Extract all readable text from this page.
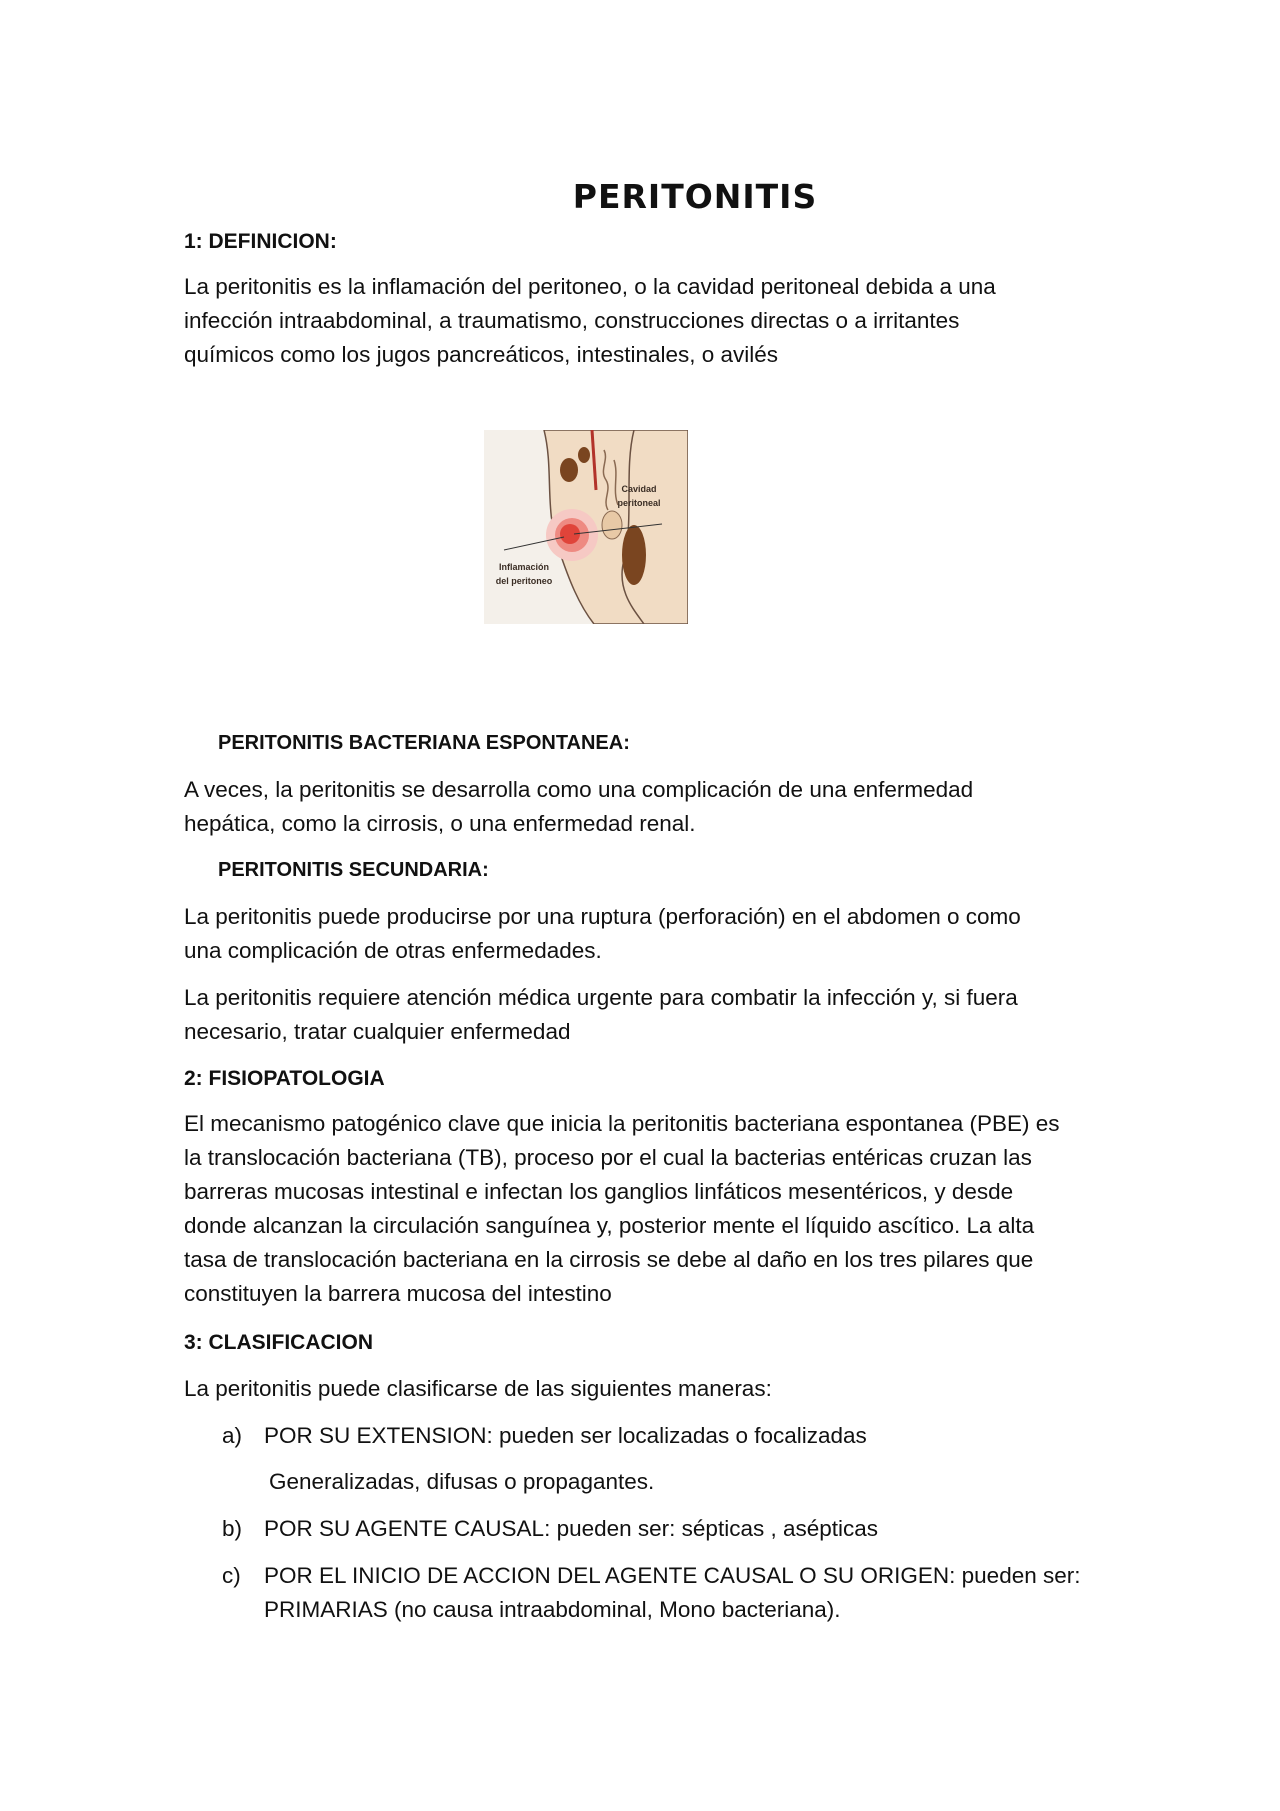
PERITONITIS
1: DEFINICION:
La peritonitis es la inflamación del peritoneo, o la cavidad peritoneal debida a una
infección intraabdominal, a traumatismo, construcciones directas o a irritantes
químicos como los jugos pancreáticos, intestinales, o avilés
Cavidad
peritoneal
Inflamación
del peritoneo
PERITONITIS BACTERIANA ESPONTANEA:
A veces, la peritonitis se desarrolla como una complicación de una enfermedad
hepática, como la cirrosis, o una enfermedad renal.
PERITONITIS SECUNDARIA:
La peritonitis puede producirse por una ruptura (perforación) en el abdomen o como
una complicación de otras enfermedades.
La peritonitis requiere atención médica urgente para combatir la infección y, si fuera
necesario, tratar cualquier enfermedad
2: FISIOPATOLOGIA
El mecanismo patogénico clave que inicia la peritonitis bacteriana espontanea (PBE) es
la translocación bacteriana (TB), proceso por el cual la bacterias entéricas cruzan las
barreras mucosas intestinal e infectan los ganglios linfáticos mesentéricos, y desde
donde alcanzan la circulación sanguínea y, posterior mente el líquido ascítico. La alta
tasa de translocación bacteriana en la cirrosis se debe al daño en los tres pilares que
constituyen la barrera mucosa del intestino
3: CLASIFICACION
La peritonitis puede clasificarse de las siguientes maneras:
a) POR SU EXTENSION: pueden ser localizadas o focalizadas
Generalizadas, difusas o propagantes.
b) POR SU AGENTE CAUSAL: pueden ser: sépticas , asépticas
c)	POR EL INICIO DE ACCION DEL AGENTE CAUSAL O SU ORIGEN: pueden ser:
PRIMARIAS (no causa intraabdominal, Mono bacteriana).
